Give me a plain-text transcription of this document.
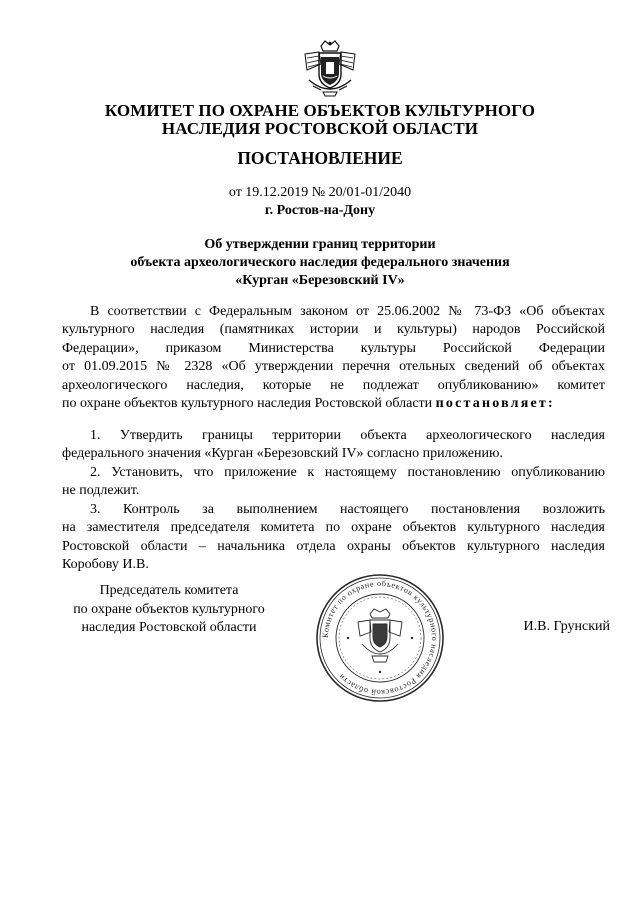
КОМИТЕТ ПО ОХРАНЕ ОБЪЕКТОВ КУЛЬТУРНОГО
НАСЛЕДИЯ РОСТОВСКОЙ ОБЛАСТИ
ПОСТАНОВЛЕНИЕ
от 19.12.2019 № 20/01-01/2040
г. Ростов-на-Дону
Об утверждении границ территории
объекта археологического наследия федерального значения
«Курган «Березовский IV»
В соответствии с Федеральным законом от 25.06.2002 № 73-ФЗ «Об объектах
культурного наследия (памятниках истории и культуры) народов Российской
Федерации», приказом Министерства культуры Российской Федерации
от 01.09.2015 № 2328 «Об утверждении перечня отельных сведений об объектах
археологического наследия, которые не подлежат опубликованию» комитет
по охране объектов культурного наследия Ростовской области постановляет:
1. Утвердить границы территории объекта археологического наследия
федерального значения «Курган «Березовский IV» согласно приложению.
2. Установить, что приложение к настоящему постановлению опубликованию
не подлежит.
3. Контроль за выполнением настоящего постановления возложить
на заместителя председателя комитета по охране объектов культурного наследия
Ростовской области – начальника отдела охраны объектов культурного наследия
Коробову И.В.
Председатель комитета
по охране объектов культурного
наследия Ростовской области
Комитет по охране объектов культурного наследия Ростовской области
И.В. Грунский
